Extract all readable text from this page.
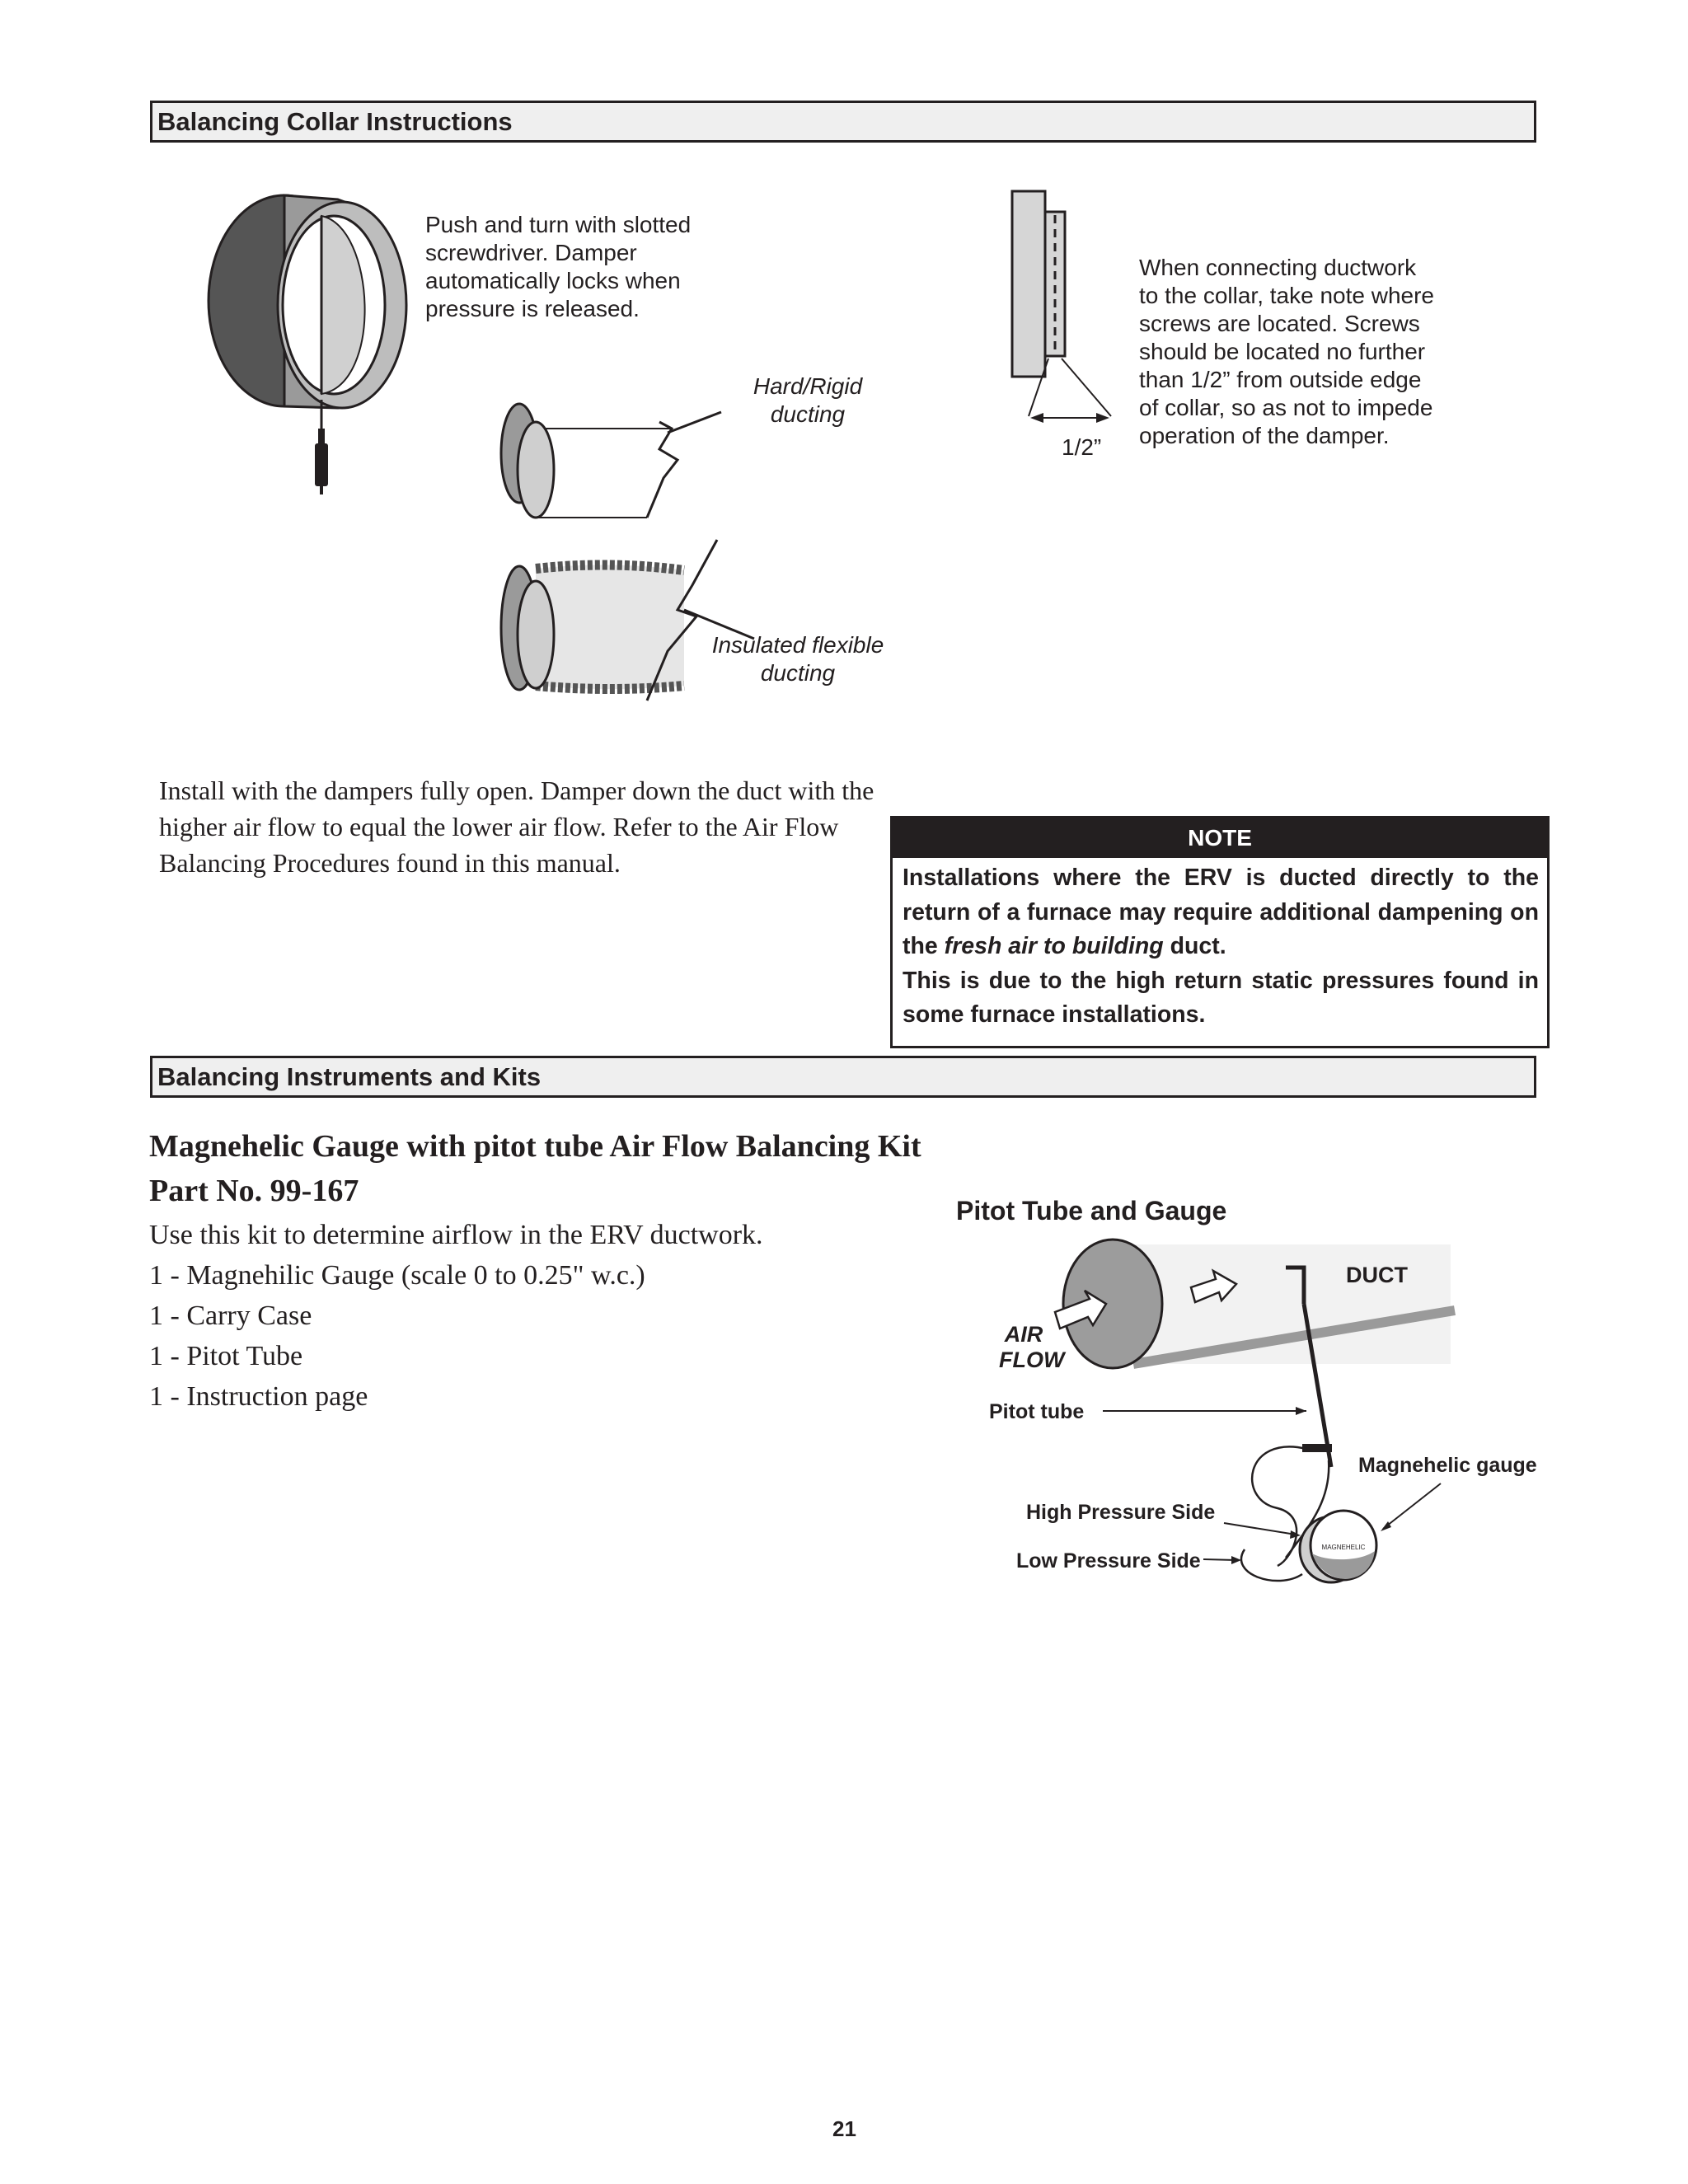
Balancing Collar Instructions
Push and turn with slotted
screwdriver. Damper
automatically locks when
pressure is released.
Hard/Rigid
ducting
Insulated flexible
ducting
1/2”
When connecting ductwork
to the collar, take note where
screws are located. Screws
should be located no further
than 1/2” from outside edge
of collar, so as not to impede
operation of the damper.
Install with the dampers fully open. Damper down the duct with the
higher air flow to equal the lower air flow. Refer to the Air Flow
Balancing Procedures found in this manual.
NOTE

Installations where the ERV is ducted directly to the return of a furnace may require additional dampening on the fresh air to building duct.

This is due to the high return static pressures found in some furnace installations.

Balancing Instruments and Kits
Magnehelic Gauge with pitot tube Air Flow Balancing Kit
Part No. 99-167
Use this kit to determine airflow in the ERV ductwork.
1 - Magnehilic Gauge (scale 0 to 0.25" w.c.)
1 - Carry Case
1 - Pitot Tube
1 - Instruction page
Pitot Tube and Gauge
MAGNEHELIC
DUCT
AIR
FLOW
Pitot tube
Magnehelic gauge
High Pressure Side
Low Pressure Side
21
